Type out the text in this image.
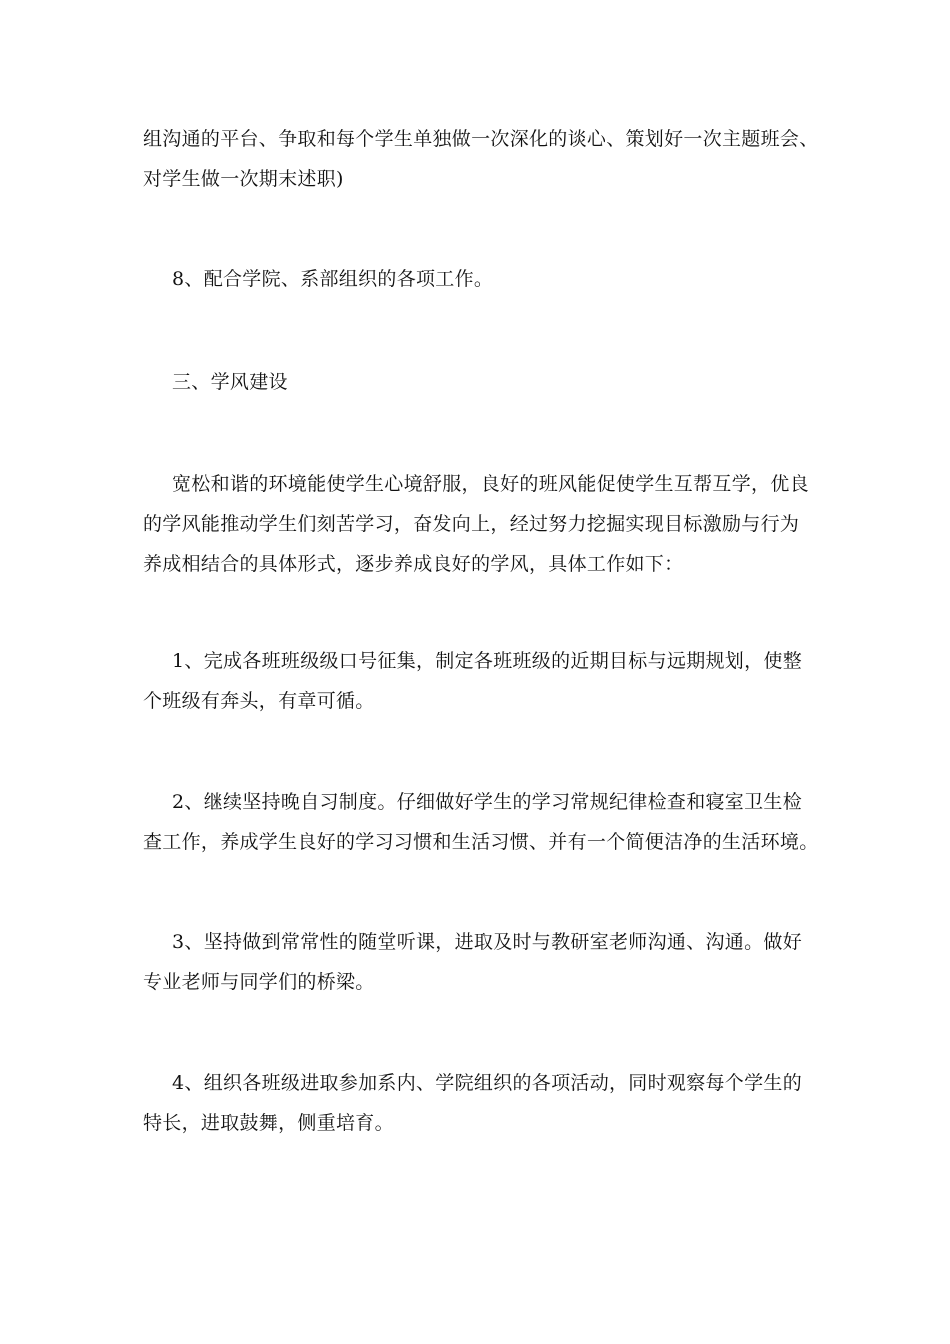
组沟通的平台、争取和每个学生单独做一次深化的谈心、策划好一次主题班会、
对学生做一次期末述职)
8、配合学院、系部组织的各项工作。
三、学风建设
宽松和谐的环境能使学生心境舒服，良好的班风能促使学生互帮互学，优良
的学风能推动学生们刻苦学习，奋发向上，经过努力挖掘实现目标激励与行为
养成相结合的具体形式，逐步养成良好的学风，具体工作如下：
1、完成各班班级级口号征集，制定各班班级的近期目标与远期规划，使整
个班级有奔头，有章可循。
2、继续坚持晚自习制度。仔细做好学生的学习常规纪律检查和寝室卫生检
查工作，养成学生良好的学习习惯和生活习惯、并有一个简便洁净的生活环境。
3、坚持做到常常性的随堂听课，进取及时与教研室老师沟通、沟通。做好
专业老师与同学们的桥梁。
4、组织各班级进取参加系内、学院组织的各项活动，同时观察每个学生的
特长，进取鼓舞，侧重培育。
